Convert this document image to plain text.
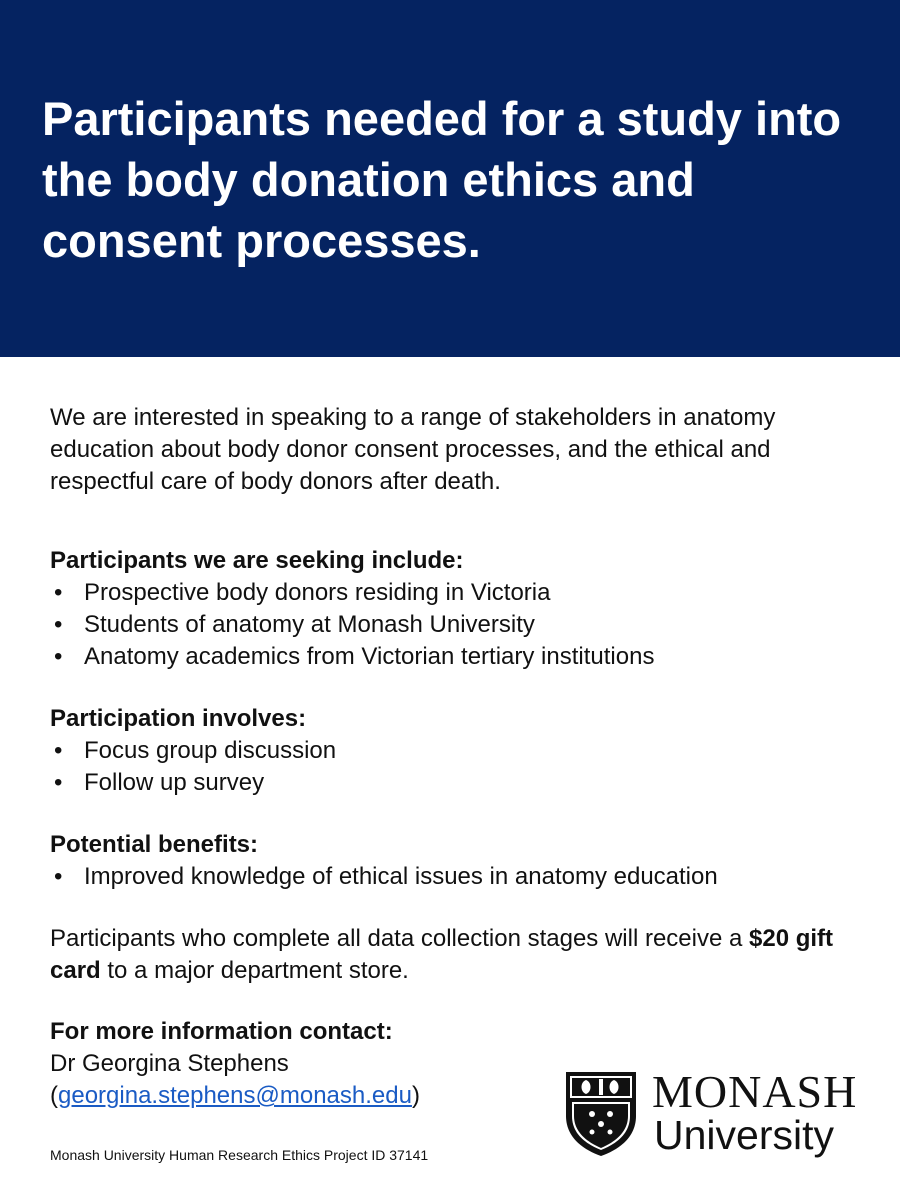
Participants needed for a study into the body donation ethics and consent processes.

We are interested in speaking to a range of stakeholders in anatomy education about body donor consent processes, and the ethical and respectful care of body donors after death.

Participants we are seeking include:

• Prospective body donors residing in Victoria
• Students of anatomy at Monash University
• Anatomy academics from Victorian tertiary institutions

Participation involves:

• Focus group discussion
• Follow up survey

Potential benefits:

• Improved knowledge of ethical issues in anatomy education

Participants who complete all data collection stages will receive a $20 gift card to a major department store.

For more information contact:

Dr Georgina Stephens

(georgina.stephens@monash.edu)	MONASH
University
Monash University Human Research Ethics Project ID 37141
